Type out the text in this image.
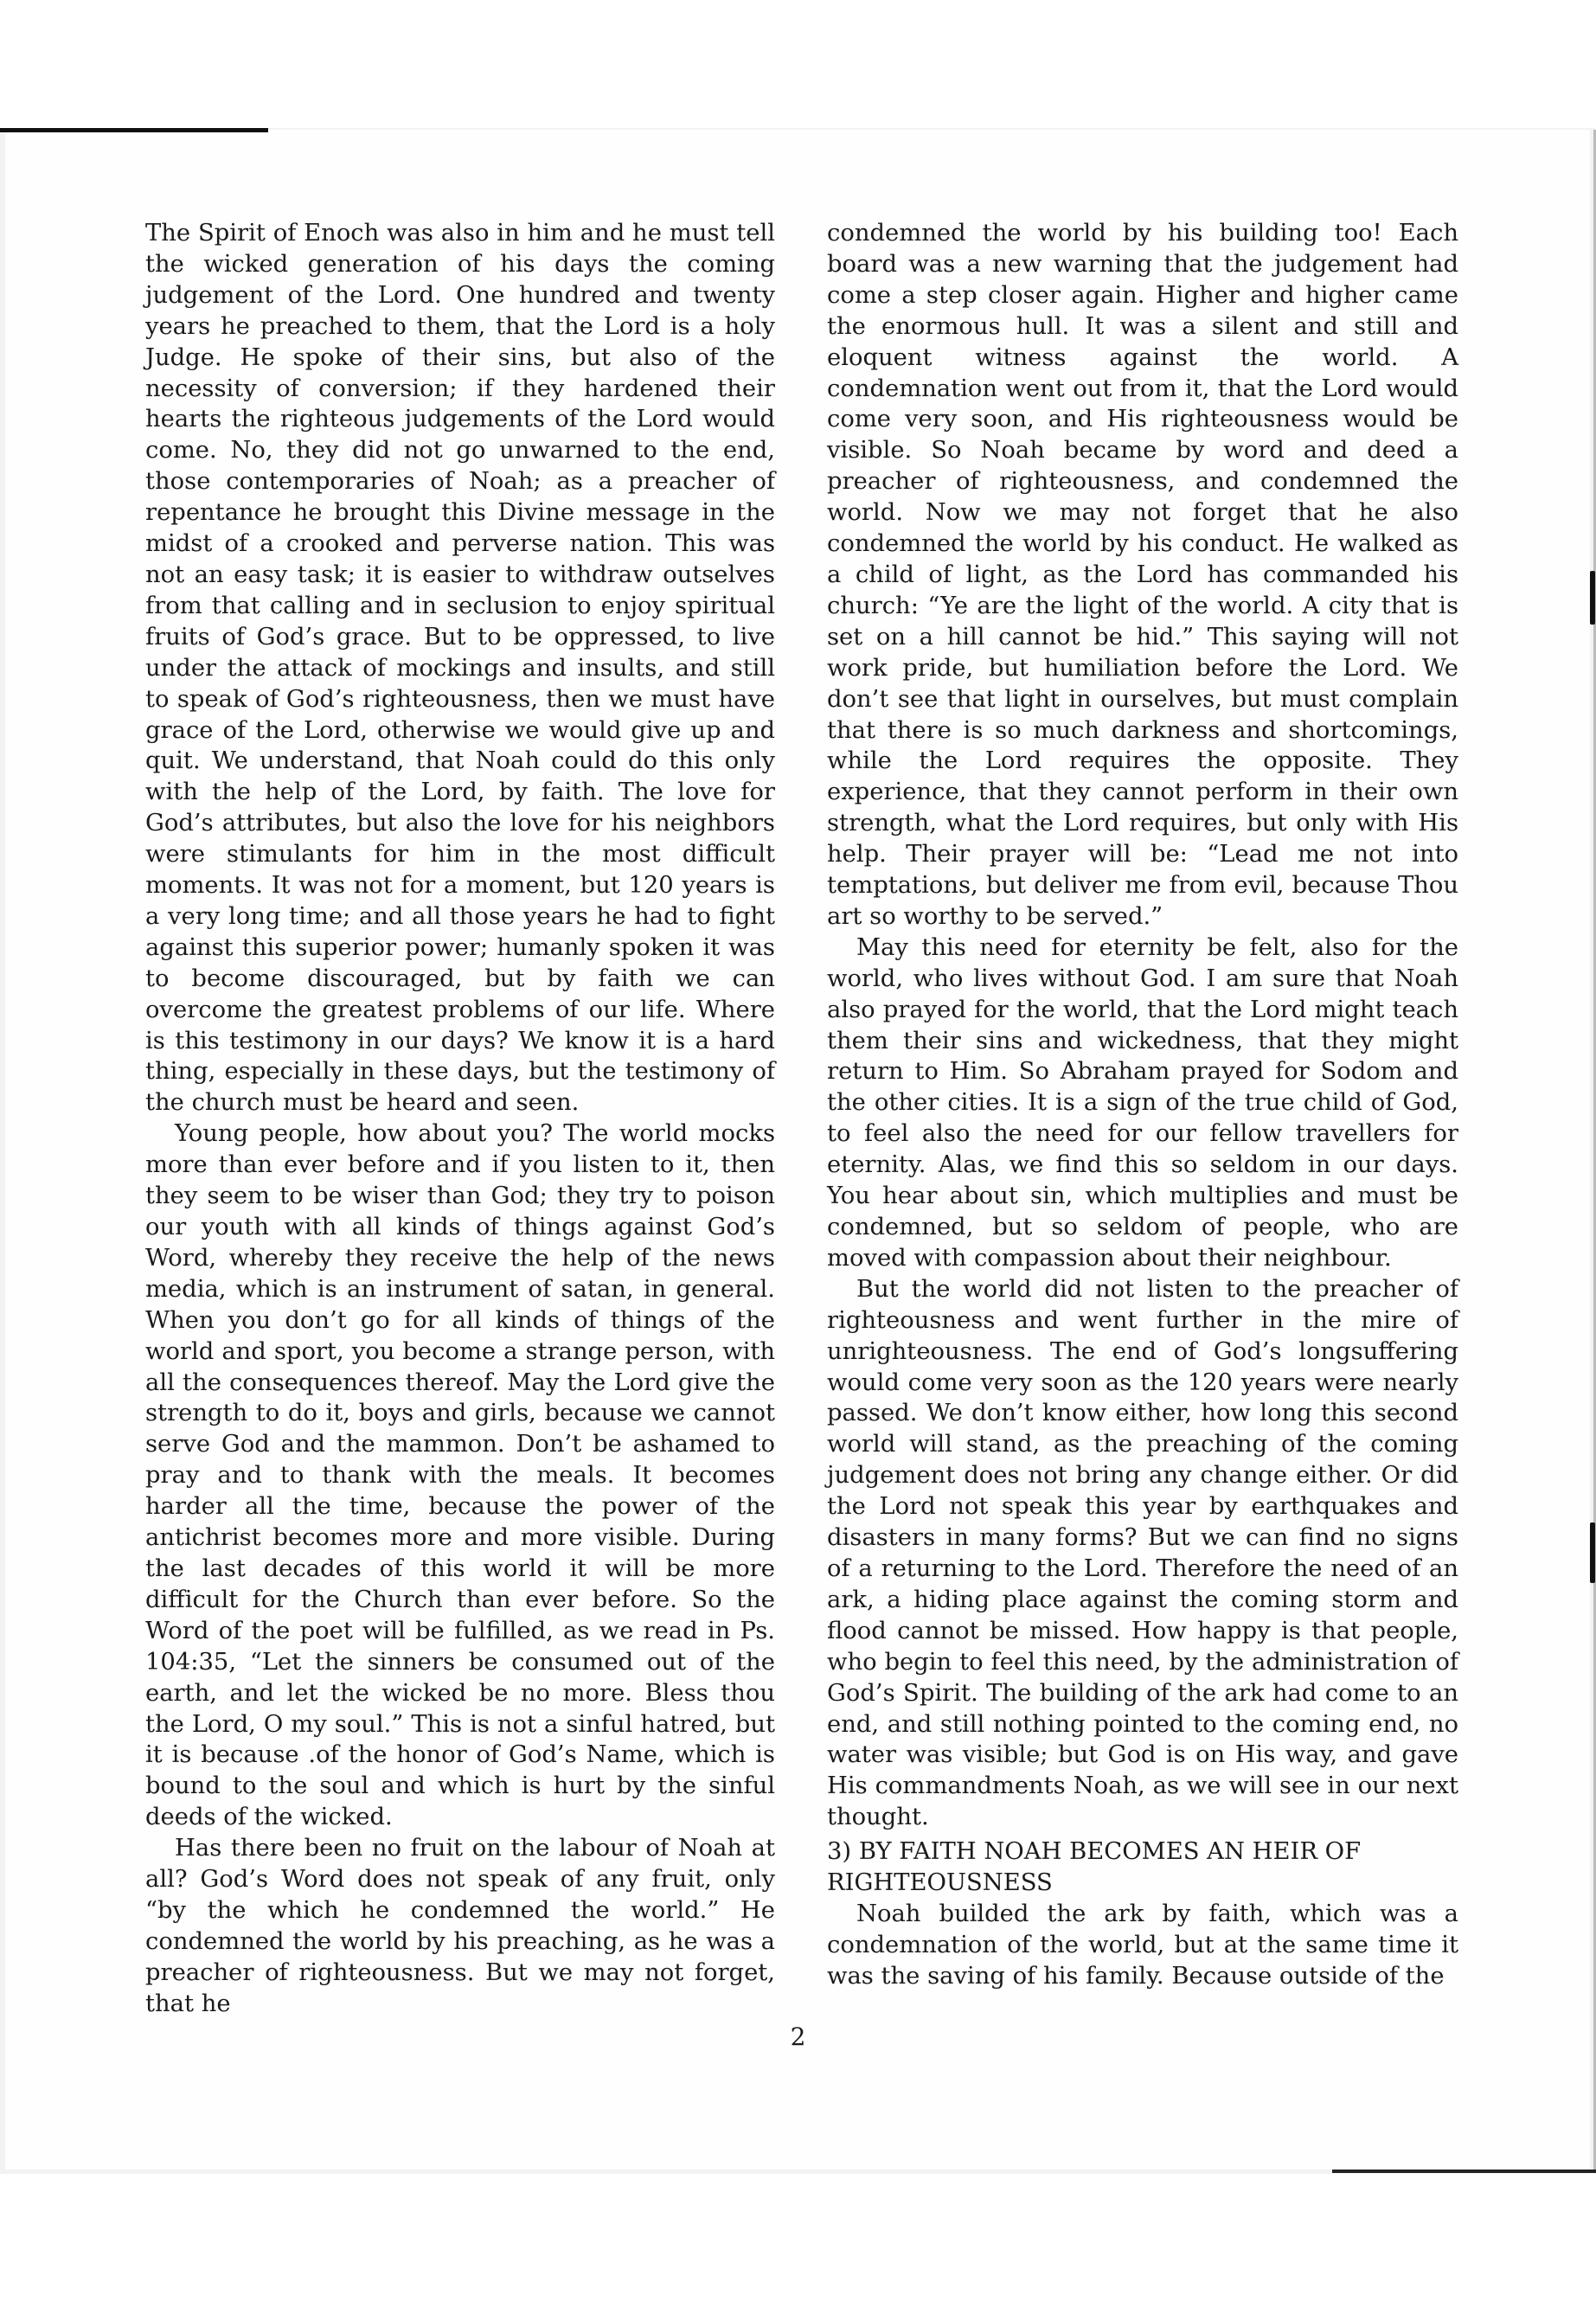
The Spirit of Enoch was also in him and he must tell the wicked generation of his days the coming judgement of the Lord. One hundred and twenty years he preached to them, that the Lord is a holy Judge. He spoke of their sins, but also of the necessity of conversion; if they hardened their hearts the righteous judgements of the Lord would come. No, they did not go unwarned to the end, those contemporaries of Noah; as a preacher of repentance he brought this Divine message in the midst of a crooked and perverse nation. This was not an easy task; it is easier to withdraw outselves from that calling and in seclusion to enjoy spiritual fruits of God’s grace. But to be oppressed, to live under the attack of mockings and insults, and still to speak of God’s righteousness, then we must have grace of the Lord, otherwise we would give up and quit. We understand, that Noah could do this only with the help of the Lord, by faith. The love for God’s attributes, but also the love for his neighbors were stimulants for him in the most difficult moments. It was not for a moment, but 120 years is a very long time; and all those years he had to fight against this superior power; humanly spoken it was to become discouraged, but by faith we can overcome the greatest problems of our life. Where is this testimony in our days? We know it is a hard thing, especially in these days, but the testimony of the church must be heard and seen.

Young people, how about you? The world mocks more than ever before and if you listen to it, then they seem to be wiser than God; they try to poison our youth with all kinds of things against God’s Word, whereby they receive the help of the news media, which is an instrument of satan, in general. When you don’t go for all kinds of things of the world and sport, you become a strange person, with all the consequences thereof. May the Lord give the strength to do it, boys and girls, because we cannot serve God and the mammon. Don’t be ashamed to pray and to thank with the meals. It becomes harder all the time, because the power of the antichrist becomes more and more visible. During the last decades of this world it will be more difficult for the Church than ever before. So the Word of the poet will be fulfilled, as we read in Ps. 104:35, “Let the sinners be consumed out of the earth, and let the wicked be no more. Bless thou the Lord, O my soul.” This is not a sinful hatred, but it is because .of the honor of God’s Name, which is bound to the soul and which is hurt by the sinful deeds of the wicked.

Has there been no fruit on the labour of Noah at all? God’s Word does not speak of any fruit, only “by the which he condemned the world.” He condemned the world by his preaching, as he was a preacher of righteousness. But we may not forget, that he

condemned the world by his building too! Each board was a new warning that the judgement had come a step closer again. Higher and higher came the enormous hull. It was a silent and still and eloquent witness against the world. A condemnation went out from it, that the Lord would come very soon, and His righteousness would be visible. So Noah became by word and deed a preacher of righteousness, and condemned the world. Now we may not forget that he also condemned the world by his conduct. He walked as a child of light, as the Lord has commanded his church: “Ye are the light of the world. A city that is set on a hill cannot be hid.” This saying will not work pride, but humiliation before the Lord. We don’t see that light in ourselves, but must complain that there is so much darkness and shortcomings, while the Lord requires the opposite. They experience, that they cannot perform in their own strength, what the Lord requires, but only with His help. Their prayer will be: “Lead me not into temptations, but deliver me from evil, because Thou art so worthy to be served.”

May this need for eternity be felt, also for the world, who lives without God. I am sure that Noah also prayed for the world, that the Lord might teach them their sins and wickedness, that they might return to Him. So Abraham prayed for Sodom and the other cities. It is a sign of the true child of God, to feel also the need for our fellow travellers for eternity. Alas, we find this so seldom in our days. You hear about sin, which multiplies and must be condemned, but so seldom of people, who are moved with compassion about their neighbour.

But the world did not listen to the preacher of righteousness and went further in the mire of unrighteousness. The end of God’s longsuffering would come very soon as the 120 years were nearly passed. We don’t know either, how long this second world will stand, as the preaching of the coming judgement does not bring any change either. Or did the Lord not speak this year by earthquakes and disasters in many forms? But we can find no signs of a returning to the Lord. Therefore the need of an ark, a hiding place against the coming storm and flood cannot be missed. How happy is that people, who begin to feel this need, by the administration of God’s Spirit. The building of the ark had come to an end, and still nothing pointed to the coming end, no water was visible; but God is on His way, and gave His commandments Noah, as we will see in our next thought.

3) BY FAITH NOAH BECOMES AN HEIR OF RIGHTEOUSNESS

Noah builded the ark by faith, which was a condemnation of the world, but at the same time it was the saving of his family. Because outside of the

2
